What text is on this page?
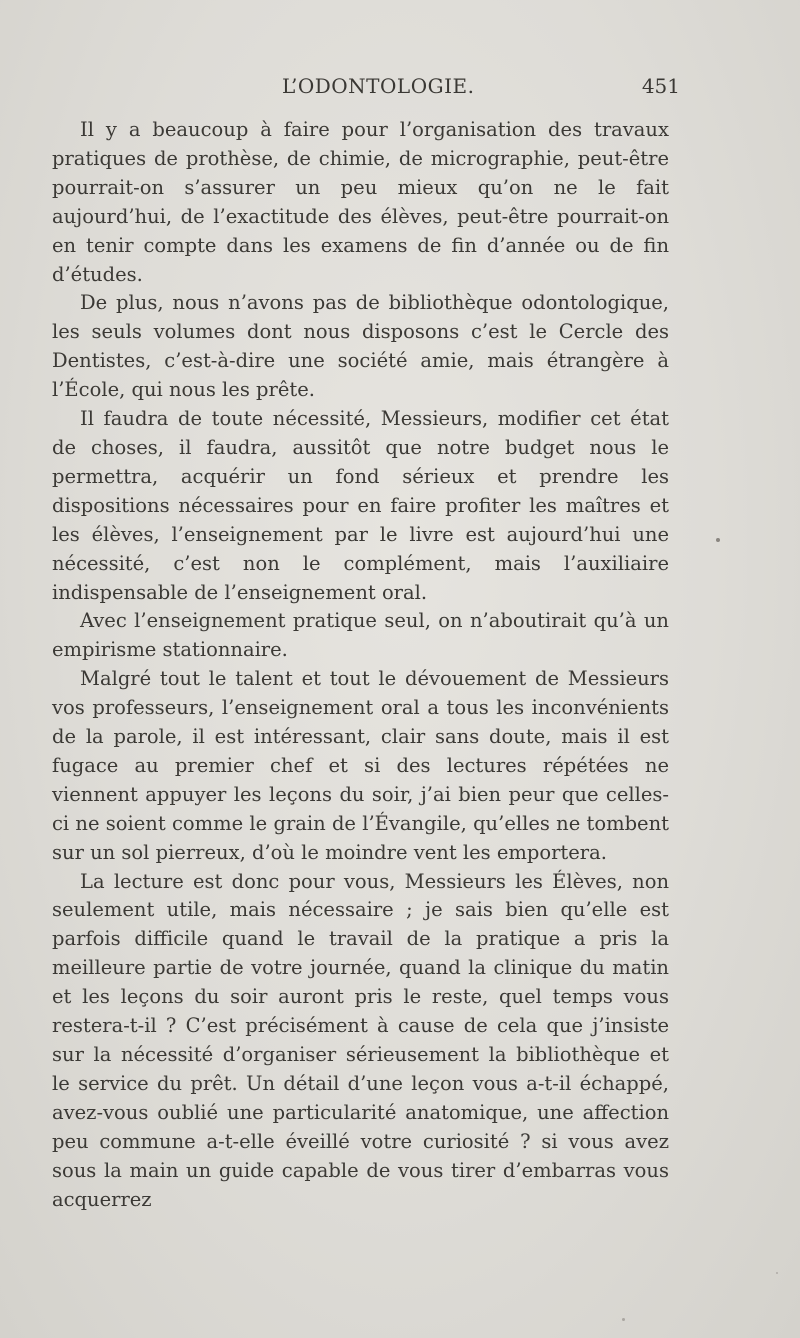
L’ODONTOLOGIE.	451

Il y a beaucoup à faire pour l’organisation des travaux pratiques de prothèse, de chimie, de micrographie, peut-être pourrait-on s’assurer un peu mieux qu’on ne le fait aujourd’hui, de l’exactitude des élèves, peut-être pourrait-on en tenir compte dans les examens de fin d’année ou de fin d’études.

De plus, nous n’avons pas de bibliothèque odontologique, les seuls volumes dont nous disposons c’est le Cercle des Dentistes, c’est-à-dire une société amie, mais étrangère à l’École, qui nous les prête.

Il faudra de toute nécessité, Messieurs, modifier cet état de choses, il faudra, aussitôt que notre budget nous le permettra, acquérir un fond sérieux et prendre les dispositions nécessaires pour en faire profiter les maîtres et les élèves, l’enseignement par le livre est aujourd’hui une nécessité, c’est non le complément, mais l’auxiliaire indispensable de l’enseignement oral.

Avec l’enseignement pratique seul, on n’aboutirait qu’à un empirisme stationnaire.

Malgré tout le talent et tout le dévouement de Messieurs vos professeurs, l’enseignement oral a tous les inconvénients de la parole, il est intéressant, clair sans doute, mais il est fugace au premier chef et si des lectures répétées ne viennent appuyer les leçons du soir, j’ai bien peur que celles-ci ne soient comme le grain de l’Évangile, qu’elles ne tombent sur un sol pierreux, d’où le moindre vent les emportera.

La lecture est donc pour vous, Messieurs les Élèves, non seulement utile, mais nécessaire ; je sais bien qu’elle est parfois difficile quand le travail de la pratique a pris la meilleure partie de votre journée, quand la clinique du matin et les leçons du soir auront pris le reste, quel temps vous restera-t-il ? C’est précisément à cause de cela que j’insiste sur la nécessité d’organiser sérieusement la bibliothèque et le service du prêt. Un détail d’une leçon vous a-t-il échappé, avez-vous oublié une particularité anatomique, une affection peu commune a-t-elle éveillé votre curiosité ? si vous avez sous la main un guide capable de vous tirer d’embarras vous acquerrez
